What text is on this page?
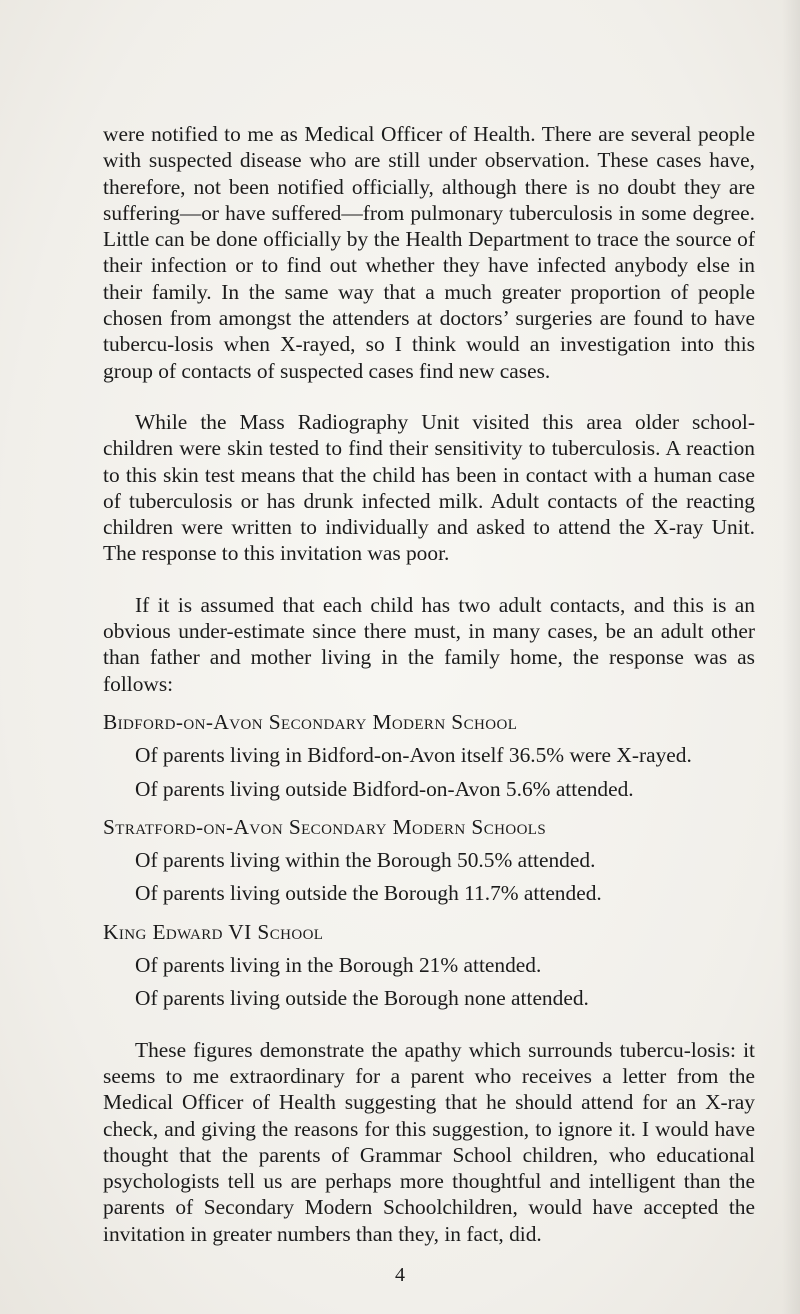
were notified to me as Medical Officer of Health. There are several people with suspected disease who are still under observation. These cases have, therefore, not been notified officially, although there is no doubt they are suffering—or have suffered—from pulmonary tuberculosis in some degree. Little can be done officially by the Health Department to trace the source of their infection or to find out whether they have infected anybody else in their family. In the same way that a much greater proportion of people chosen from amongst the attenders at doctors’ surgeries are found to have tubercu-losis when X-rayed, so I think would an investigation into this group of contacts of suspected cases find new cases.

While the Mass Radiography Unit visited this area older school-children were skin tested to find their sensitivity to tuberculosis. A reaction to this skin test means that the child has been in contact with a human case of tuberculosis or has drunk infected milk. Adult contacts of the reacting children were written to individually and asked to attend the X-ray Unit. The response to this invitation was poor.

If it is assumed that each child has two adult contacts, and this is an obvious under-estimate since there must, in many cases, be an adult other than father and mother living in the family home, the response was as follows:

Bidford-on-Avon Secondary Modern School

Of parents living in Bidford-on-Avon itself 36.5% were X-rayed.

Of parents living outside Bidford-on-Avon 5.6% attended.

Stratford-on-Avon Secondary Modern Schools

Of parents living within the Borough 50.5% attended.

Of parents living outside the Borough 11.7% attended.

King Edward VI School

Of parents living in the Borough 21% attended.

Of parents living outside the Borough none attended.

These figures demonstrate the apathy which surrounds tubercu-losis: it seems to me extraordinary for a parent who receives a letter from the Medical Officer of Health suggesting that he should attend for an X-ray check, and giving the reasons for this suggestion, to ignore it. I would have thought that the parents of Grammar School children, who educational psychologists tell us are perhaps more thoughtful and intelligent than the parents of Secondary Modern Schoolchildren, would have accepted the invitation in greater numbers than they, in fact, did.

4
